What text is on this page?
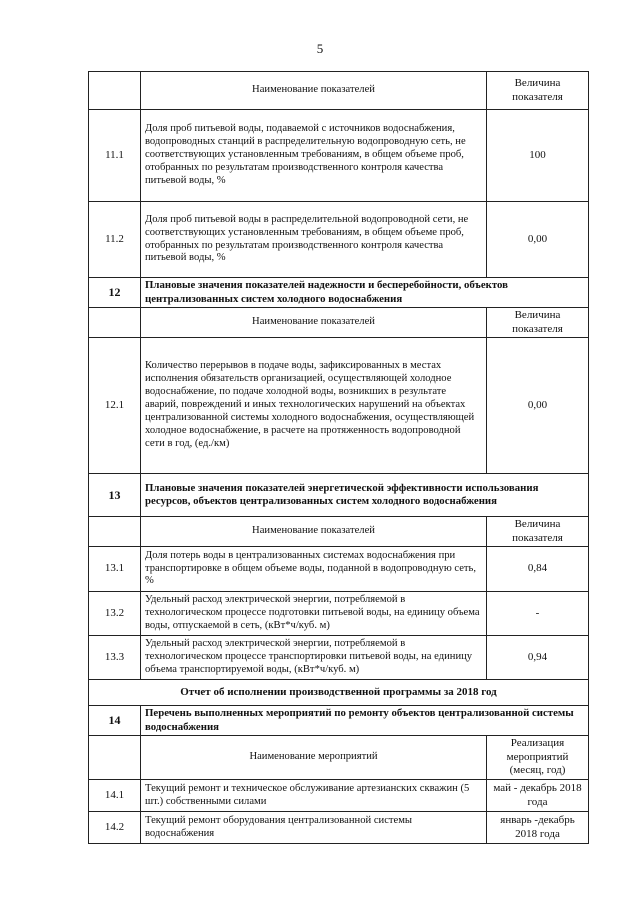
5
	Наименование показателей	Величина показателя
11.1	Доля проб питьевой воды, подаваемой с источников водоснабжения, водопроводных станций в распределительную водопроводную сеть, не соответствующих установленным требованиям, в общем объеме проб, отобранных по результатам производственного контроля качества питьевой воды, %	100
11.2	Доля проб питьевой воды в распределительной водопроводной сети, не соответствующих установленным требованиям, в общем объеме проб, отобранных по результатам производственного контроля качества питьевой воды, %	0,00
12	Плановые значения показателей надежности и бесперебойности, объектов централизованных систем холодного водоснабжения	
	Наименование показателей	Величина показателя
12.1	Количество перерывов в подаче воды, зафиксированных в местах исполнения обязательств организацией, осуществляющей холодное водоснабжение, по подаче холодной воды, возникших в результате аварий, повреждений и иных технологических нарушений на объектах централизованной системы холодного водоснабжения, осуществляющей холодное водоснабжение, в расчете на протяженность водопроводной сети в год, (ед./км)	0,00
13	Плановые значения показателей энергетической эффективности использования ресурсов, объектов централизованных систем холодного водоснабжения	
	Наименование показателей	Величина показателя
13.1	Доля потерь воды в централизованных системах водоснабжения при транспортировке в общем объеме воды, поданной в водопроводную сеть, %	0,84
13.2	Удельный расход электрической энергии, потребляемой в технологическом процессе подготовки питьевой воды, на единицу объема воды, отпускаемой в сеть, (кВт*ч/куб. м)	-
13.3	Удельный расход электрической энергии, потребляемой в технологическом процессе транспортировки питьевой воды, на единицу объема транспортируемой воды, (кВт*ч/куб. м)	0,94
Отчет об исполнении производственной программы за 2018 год		
14	Перечень выполненных мероприятий по ремонту объектов централизованной системы водоснабжения	
	Наименование мероприятий	Реализация мероприятий (месяц, год)
14.1	Текущий ремонт и техническое обслуживание артезианских скважин (5 шт.) собственными силами	май - декабрь 2018 года
14.2	Текущий ремонт оборудования централизованной системы водоснабжения	январь -декабрь 2018 года
